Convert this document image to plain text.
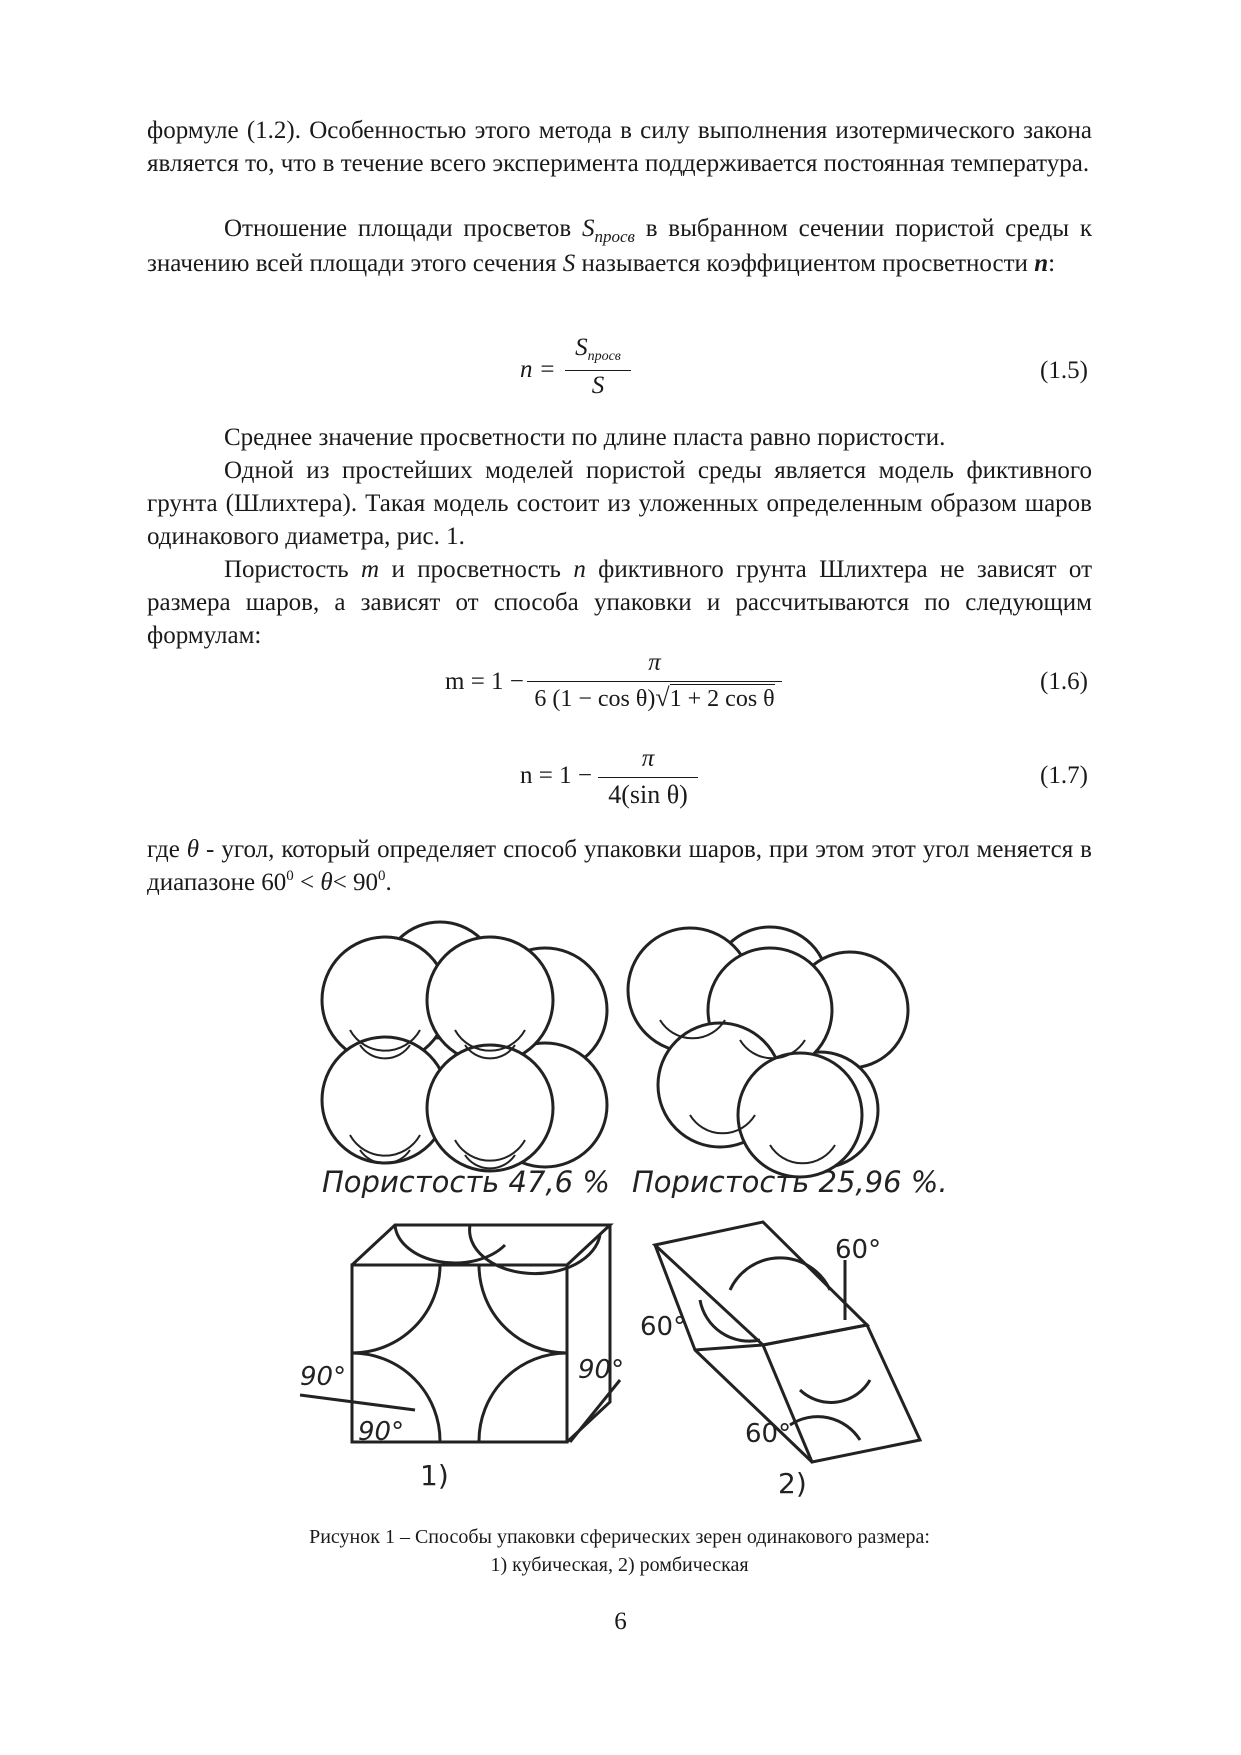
формуле (1.2). Особенностью этого метода в силу выполнения изотермического закона является то, что в течение всего эксперимента поддерживается постоянная температура.

Отношение площади просветов $S_{просв}$ в выбранном сечении пористой среды к значению всей площади этого сечения S называется коэффициентом просветности n:

n =
$S_{просв}$
S
(1.5)

Среднее значение просветности по длине пласта равно пористости.

Одной из простейших моделей пористой среды является модель фиктивного грунта (Шлихтера). Такая модель состоит из уложенных определенным образом шаров одинакового диаметра, рис. 1.

Пористость m и просветность n фиктивного грунта Шлихтера не зависят от размера шаров, а зависят от способа упаковки и рассчитываются по следующим формулам:

m = 1 −
π
6 (1 − cos θ)√1 + 2 cos θ
(1.6)
n = 1 −
π
4(sin θ)
(1.7)

где θ - угол, который определяет способ упаковки шаров, при этом этот угол меняется в диапазоне $60^0 < \theta< 90^0$.

Пористость 47,6 % Пористость 25,96 %.
90°
90°
90°
1)
60°
60°
60°
2)
Рисунок 1 – Способы упаковки сферических зерен одинакового размера:
1) кубическая, 2) ромбическая
6
